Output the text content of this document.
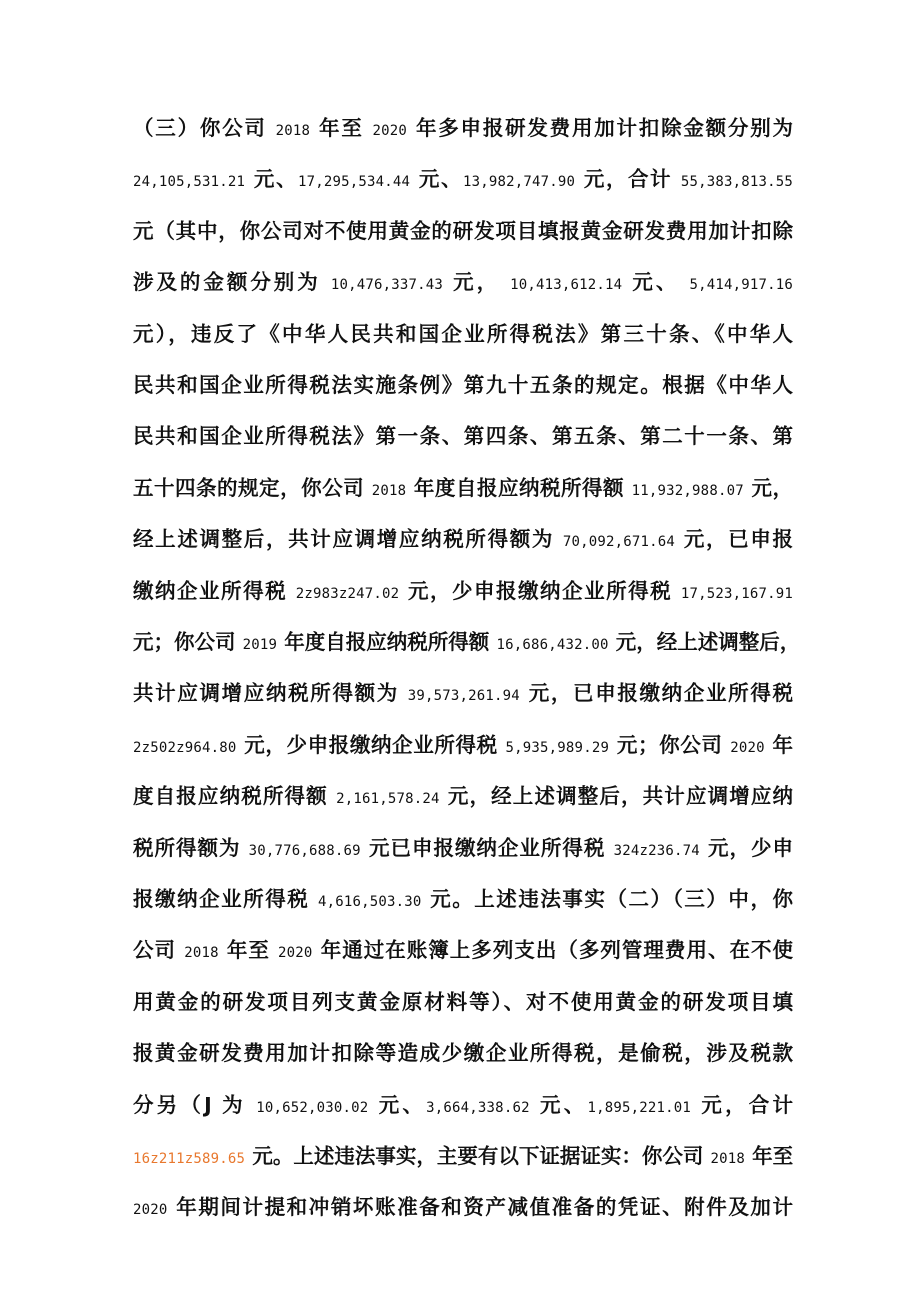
（三）你公司 2018 年至 2020 年多申报研发费用加计扣除金额分别为
24,105,531.21 元、17,295,534.44 元、13,982,747.90 元，合计 55,383,813.55
元（其中，你公司对不使用黄金的研发项目填报黄金研发费用加计扣除
涉及的金额分别为 10,476,337.43 元， 10,413,612.14 元、 5,414,917.16
元），违反了《中华人民共和国企业所得税法》第三十条、《中华人
民共和国企业所得税法实施条例》第九十五条的规定。根据《中华人
民共和国企业所得税法》第一条、第四条、第五条、第二十一条、第
五十四条的规定，你公司 2018 年度自报应纳税所得额 11,932,988.07 元，
经上述调整后，共计应调增应纳税所得额为 70,092,671.64 元，已申报
缴纳企业所得税 2z983z247.02 元，少申报缴纳企业所得税 17,523,167.91
元；你公司 2019 年度自报应纳税所得额 16,686,432.00 元，经上述调整后，
共计应调增应纳税所得额为 39,573,261.94 元，已申报缴纳企业所得税
2z502z964.80 元，少申报缴纳企业所得税 5,935,989.29 元；你公司 2020 年
度自报应纳税所得额 2,161,578.24 元，经上述调整后，共计应调增应纳
税所得额为 30,776,688.69 元已申报缴纳企业所得税 324z236.74 元，少申
报缴纳企业所得税 4,616,503.30 元。上述违法事实（二）（三）中，你
公司 2018 年至 2020 年通过在账簿上多列支出（多列管理费用、在不使
用黄金的研发项目列支黄金原材料等）、对不使用黄金的研发项目填
报黄金研发费用加计扣除等造成少缴企业所得税，是偷税，涉及税款
分另（J 为 10,652,030.02 元、3,664,338.62 元、1,895,221.01 元，合计
16z211z589.65 元。上述违法事实，主要有以下证据证实：你公司 2018 年至
2020 年期间计提和冲销坏账准备和资产减值准备的凭证、附件及加计
